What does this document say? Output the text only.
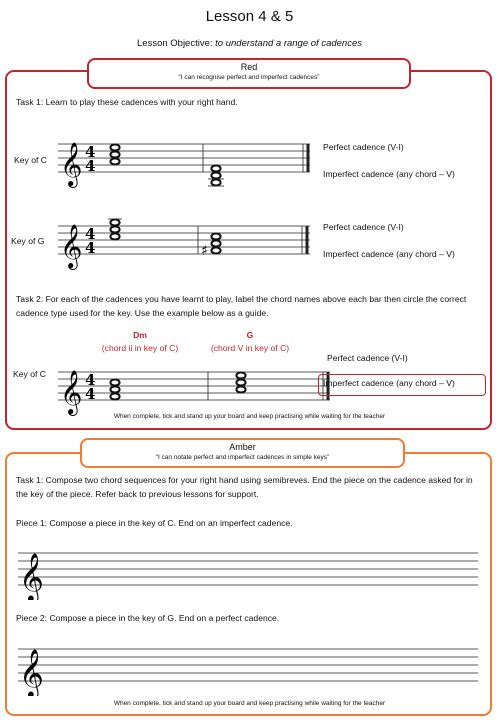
Lesson 4 & 5
Lesson Objective: to understand a range of cadences
Red
“I can recognise perfect and imperfect cadences”
Task 1: Learn to play these cadences with your right hand.
Key of C 𝄞 4
4
Perfect cadence (V-I)
Imperfect cadence (any chord – V)
Key of G 𝄞 4
4	♯
Perfect cadence (V-I)
Imperfect cadence (any chord – V)
Task 2: For each of the cadences you have learnt to play, label the chord names above each bar then circle the correct cadence type used for the key. Use the example below as a guide.
Dm
(chord ii in key of C)
G
(chord V in key of C)
Key of C 𝄞 4
4
Perfect cadence (V-I)
Imperfect cadence (any chord – V)
When complete, tick and stand up your board and keep practising while waiting for the teacher
Amber
“I can notate perfect and imperfect cadences in simple keys”
Task 1: Compose two chord sequences for your right hand using semibreves. End the piece on the cadence asked for in the key of the piece. Refer back to previous lessons for support.
Piece 1: Compose a piece in the key of C. End on an imperfect cadence.
𝄞
Piece 2: Compose a piece in the key of G. End on a perfect cadence.
𝄞
When complete, tick and stand up your board and keep practising while waiting for the teacher
